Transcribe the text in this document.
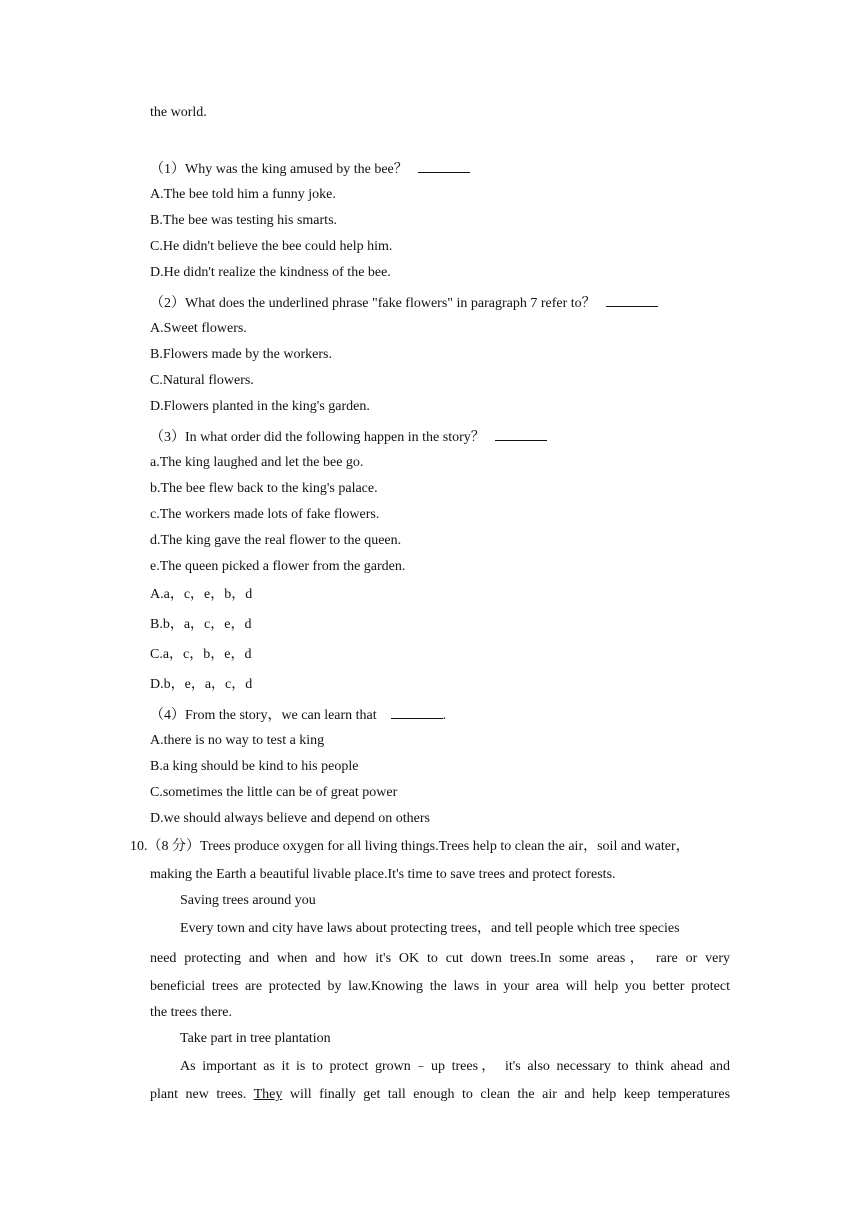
the world.
（1）Why was the king amused by the bee？
A.The bee told him a funny joke.
B.The bee was testing his smarts.
C.He didn't believe the bee could help him.
D.He didn't realize the kindness of the bee.
（2）What does the underlined phrase "fake flowers" in paragraph 7 refer to？
A.Sweet flowers.
B.Flowers made by the workers.
C.Natural flowers.
D.Flowers planted in the king's garden.
（3）In what order did the following happen in the story？
a.The king laughed and let the bee go.
b.The bee flew back to the king's palace.
c.The workers made lots of fake flowers.
d.The king gave the real flower to the queen.
e.The queen picked a flower from the garden.
A.a，c，e，b，d
B.b，a，c，e，d
C.a，c，b，e，d
D.b，e，a，c，d
（4）From the story，we can learn that	.
A.there is no way to test a king
B.a king should be kind to his people
C.sometimes the little can be of great power
D.we should always believe and depend on others
10.（8 分）Trees produce oxygen for all living things.Trees help to clean the air，soil and water，
making the Earth a beautiful livable place.It's time to save trees and protect forests.
Saving trees around you
Every town and city have laws about protecting trees，and tell people which tree species
need protecting and when and how it's OK to cut down trees.In some areas， rare or very
beneficial trees are protected by law.Knowing the laws in your area will help you better protect
the trees there.
Take part in tree plantation
As important as it is to protect grown﹣up trees， it's also necessary to think ahead and
plant new trees. They will finally get tall enough to clean the air and help keep temperatures
